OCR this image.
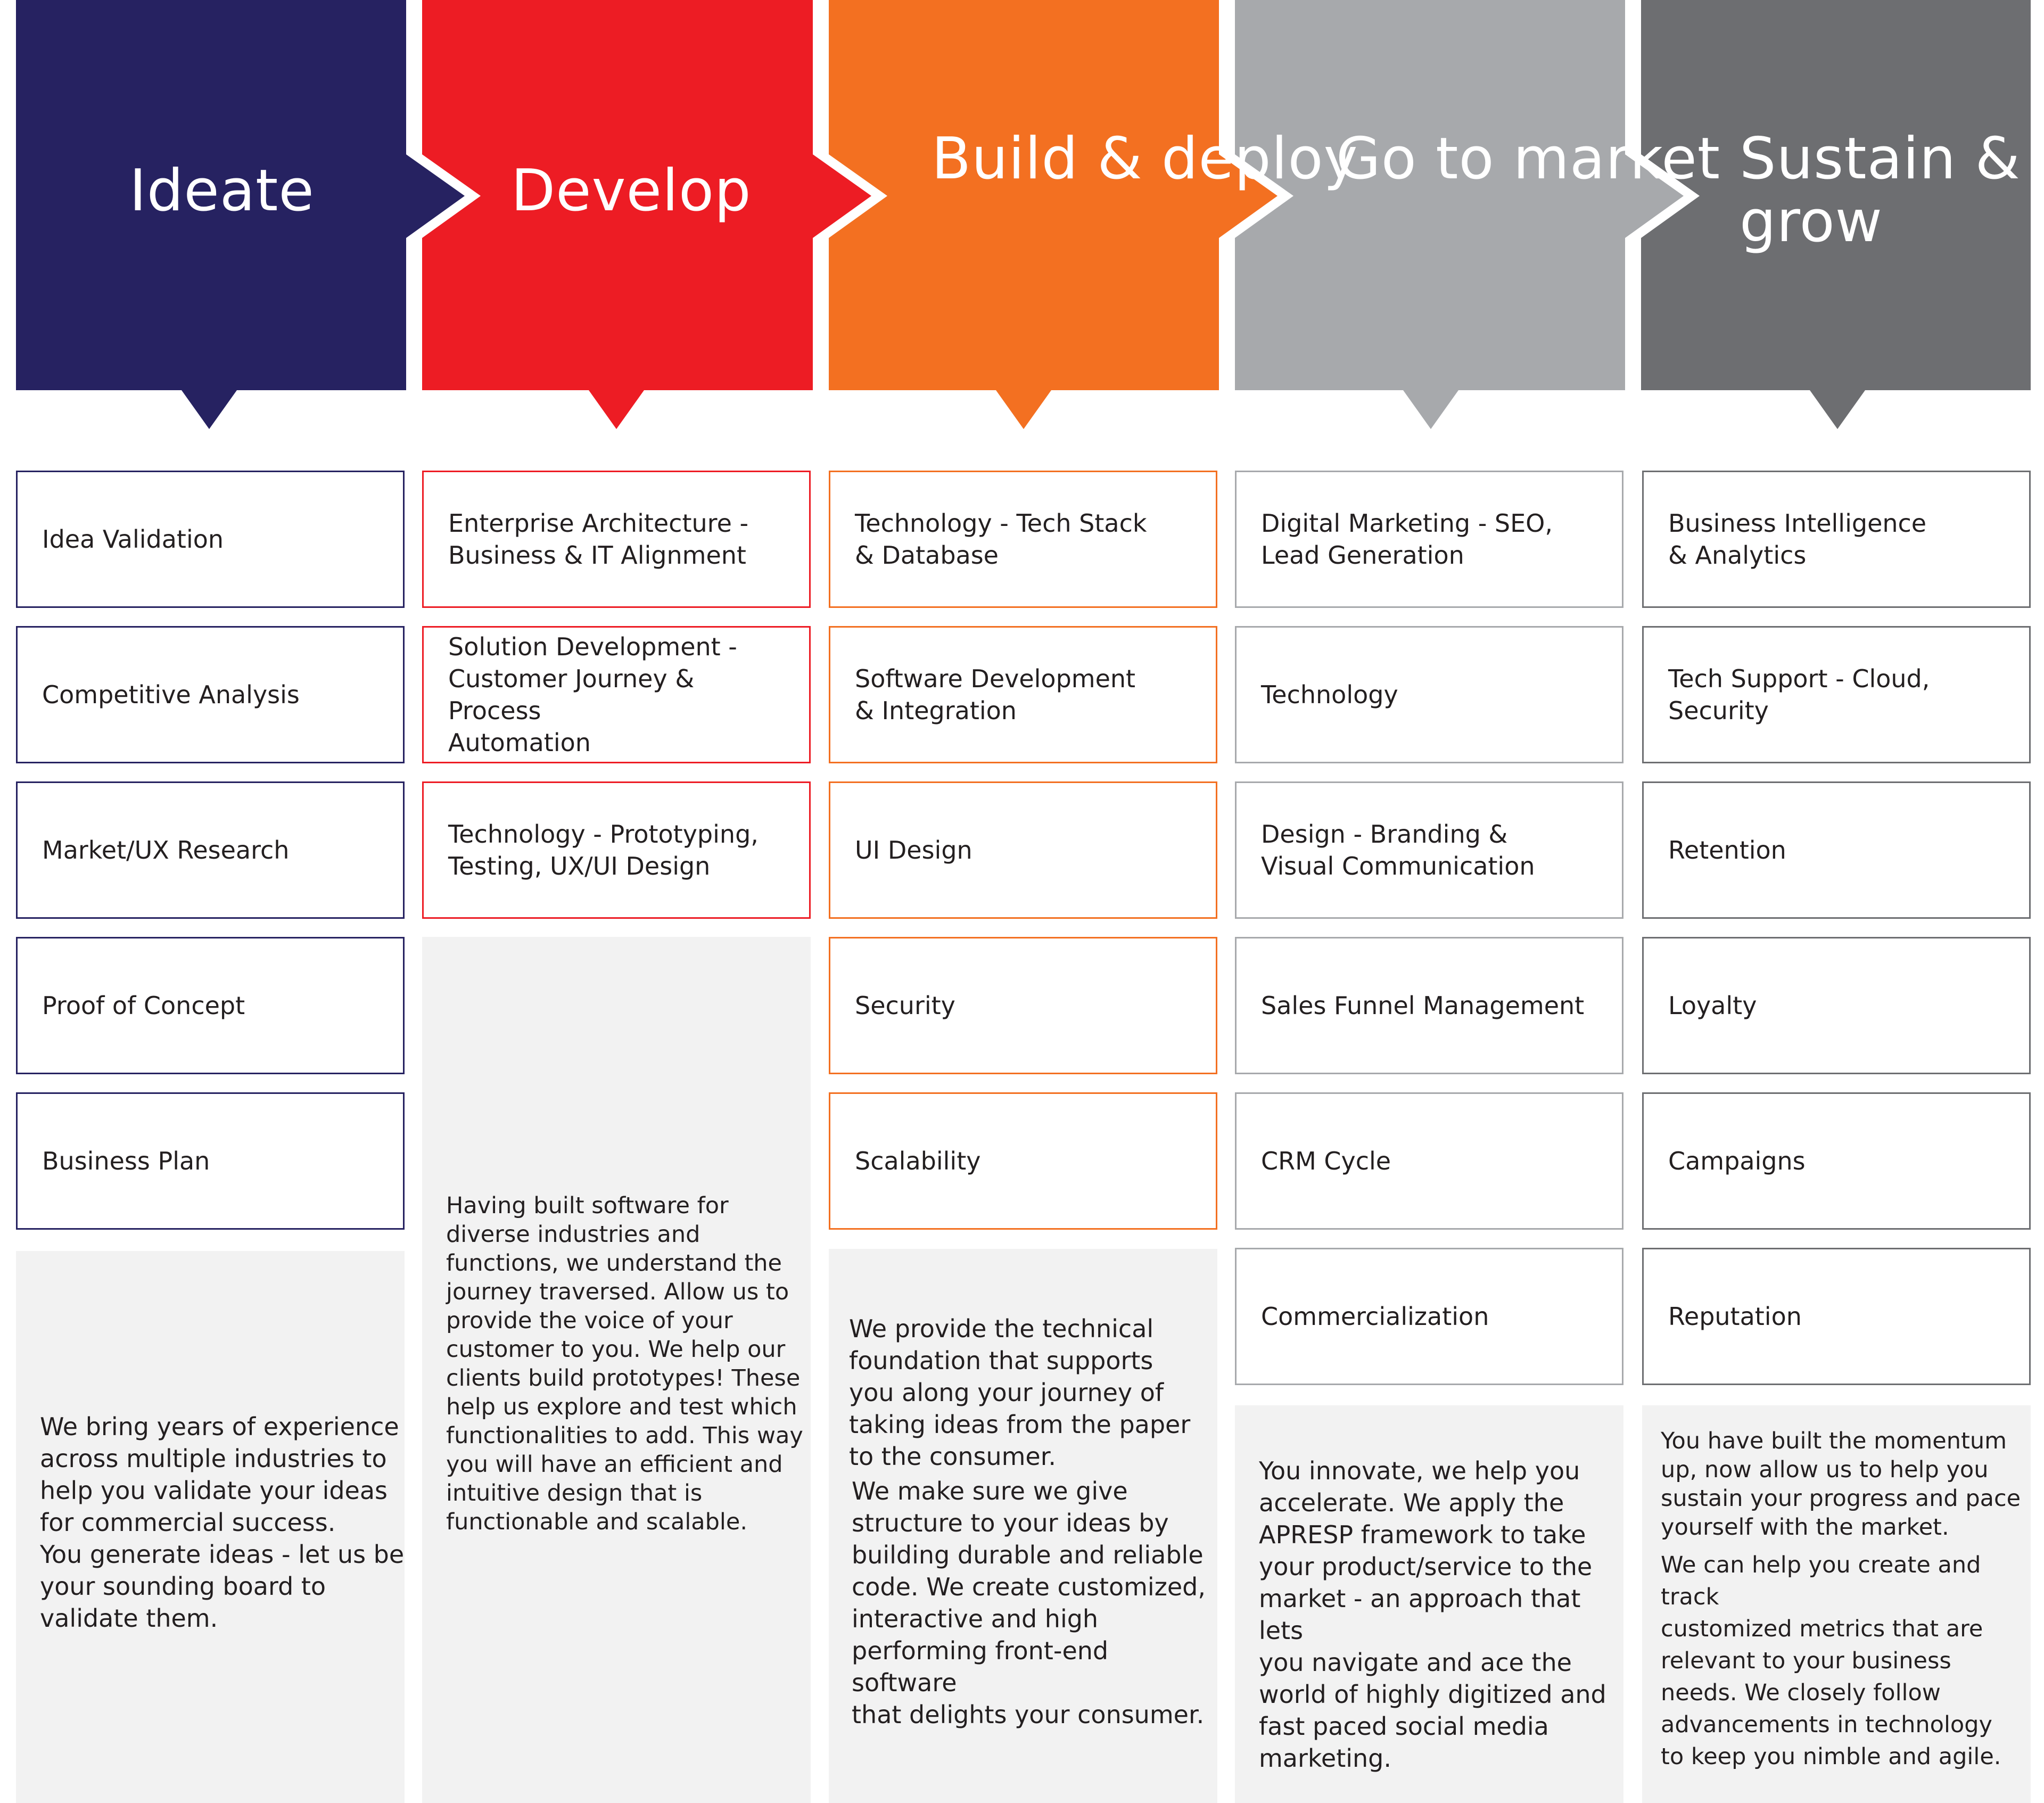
Ideate	Develop	Build & deploy
Go to market Sustain & grow
Idea Validation
Competitive Analysis
Market/UX Research
Proof of Concept
Business Plan

We bring years of experience
across multiple industries to
help you validate your ideas
for commercial success.
You generate ideas - let us be
your sounding board to
validate them.

Enterprise Architecture -
Business & IT Alignment
Solution Development -
Customer Journey & Process
Automation
Technology - Prototyping,
Testing, UX/UI Design

Having built software for
diverse industries and
functions, we understand the
journey traversed. Allow us to
provide the voice of your
customer to you. We help our
clients build prototypes! These
help us explore and test which
functionalities to add. This way
you will have an efficient and
intuitive design that is
functionable and scalable.

Technology - Tech Stack
& Database
Software Development
& Integration
UI Design
Security
Scalability

We provide the technical
foundation that supports
you along your journey of
taking ideas from the paper
to the consumer.

We make sure we give
structure to your ideas by
building durable and reliable
code. We create customized,
interactive and high
performing front-end software
that delights your consumer.

Digital Marketing - SEO,
Lead Generation
Technology
Design - Branding &
Visual Communication
Sales Funnel Management
CRM Cycle
Commercialization

You innovate, we help you
accelerate. We apply the
APRESP framework to take
your product/service to the
market - an approach that lets
you navigate and ace the
world of highly digitized and
fast paced social media
marketing.

Business Intelligence
& Analytics
Tech Support - Cloud,
Security
Retention
Loyalty
Campaigns
Reputation

You have built the momentum
up, now allow us to help you
sustain your progress and pace
yourself with the market.

We can help you create and
track
customized metrics that are
relevant to your business
needs. We closely follow
advancements in technology
to keep you nimble and agile.
